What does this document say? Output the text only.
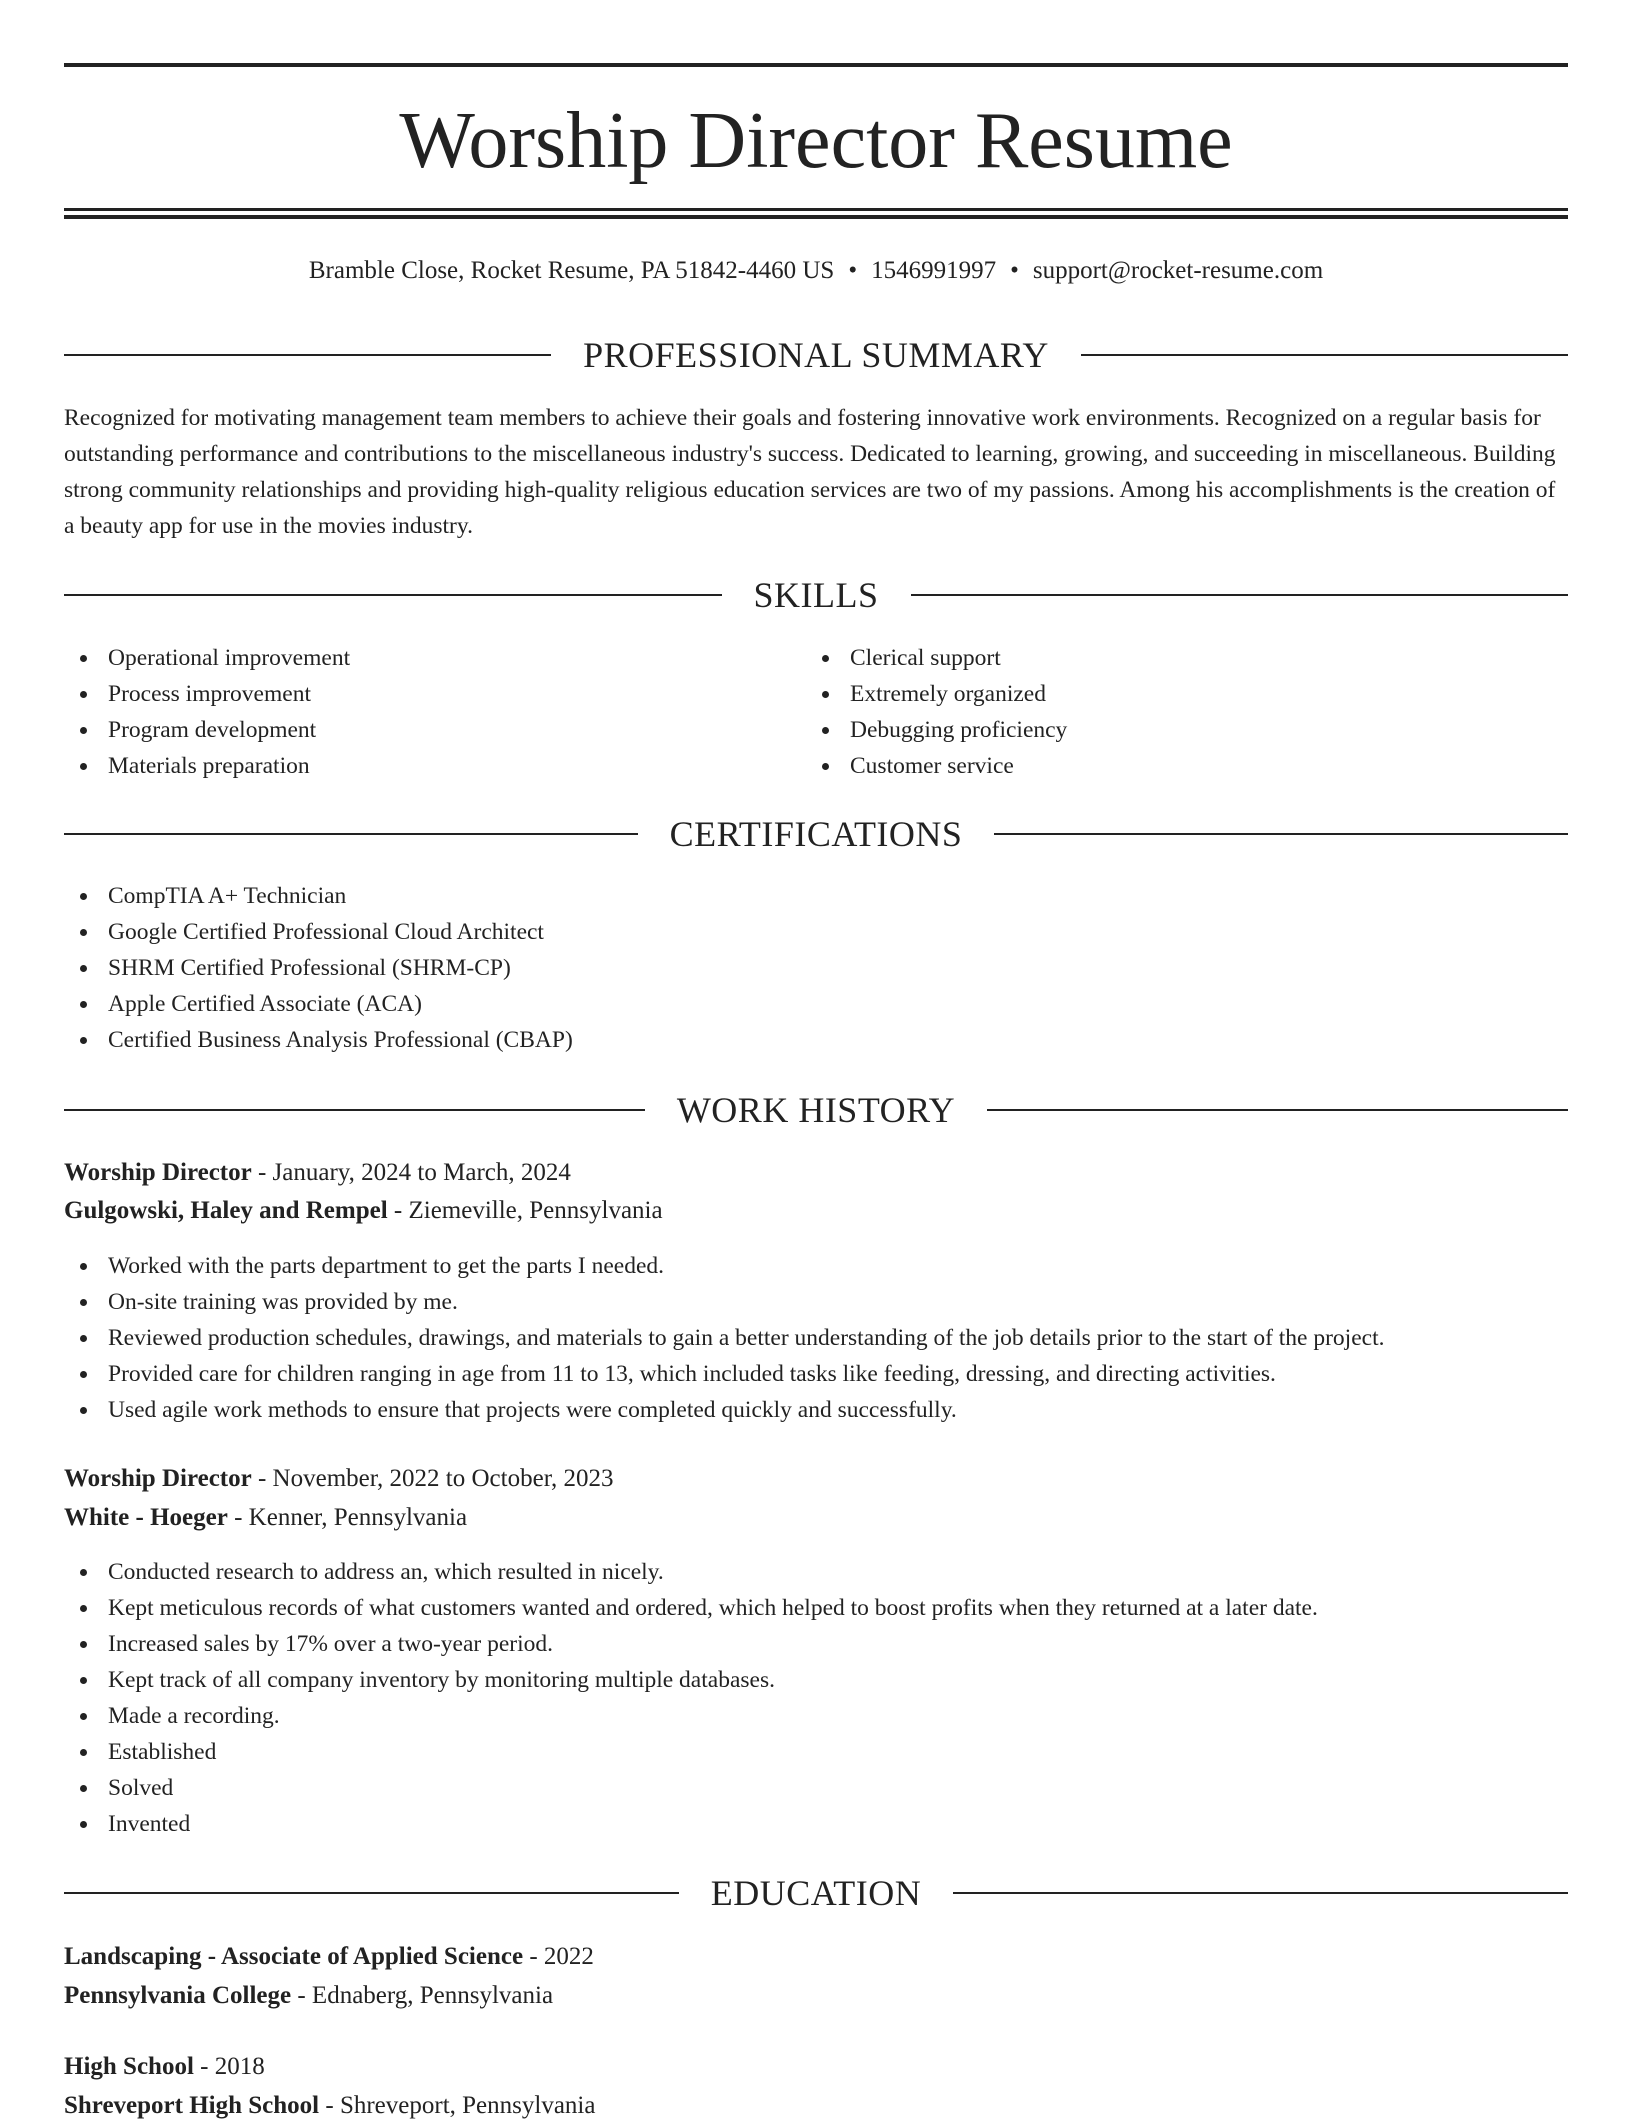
Worship Director Resume
Bramble Close, Rocket Resume, PA 51842-4460 US • 1546991997 • support@rocket-resume.com
PROFESSIONAL SUMMARY

Recognized for motivating management team members to achieve their goals and fostering innovative work environments. Recognized on a regular basis for outstanding performance and contributions to the miscellaneous industry's success. Dedicated to learning, growing, and succeeding in miscellaneous. Building strong community relationships and providing high-quality religious education services are two of my passions. Among his accomplishments is the creation of a beauty app for use in the movies industry.

SKILLS
Operational improvement
Process improvement
Program development
Materials preparation
Clerical support
Extremely organized
Debugging proficiency
Customer service
CERTIFICATIONS
CompTIA A+ Technician
Google Certified Professional Cloud Architect
SHRM Certified Professional (SHRM-CP)
Apple Certified Associate (ACA)
Certified Business Analysis Professional (CBAP)
WORK HISTORY
Worship Director - January, 2024 to March, 2024
Gulgowski, Haley and Rempel - Ziemeville, Pennsylvania
Worked with the parts department to get the parts I needed.
On-site training was provided by me.
Reviewed production schedules, drawings, and materials to gain a better understanding of the job details prior to the start of the project.
Provided care for children ranging in age from 11 to 13, which included tasks like feeding, dressing, and directing activities.
Used agile work methods to ensure that projects were completed quickly and successfully.
Worship Director - November, 2022 to October, 2023
White - Hoeger - Kenner, Pennsylvania
Conducted research to address an, which resulted in nicely.
Kept meticulous records of what customers wanted and ordered, which helped to boost profits when they returned at a later date.
Increased sales by 17% over a two-year period.
Kept track of all company inventory by monitoring multiple databases.
Made a recording.
Established
Solved
Invented
EDUCATION
Landscaping - Associate of Applied Science - 2022
Pennsylvania College - Ednaberg, Pennsylvania
High School - 2018
Shreveport High School - Shreveport, Pennsylvania
